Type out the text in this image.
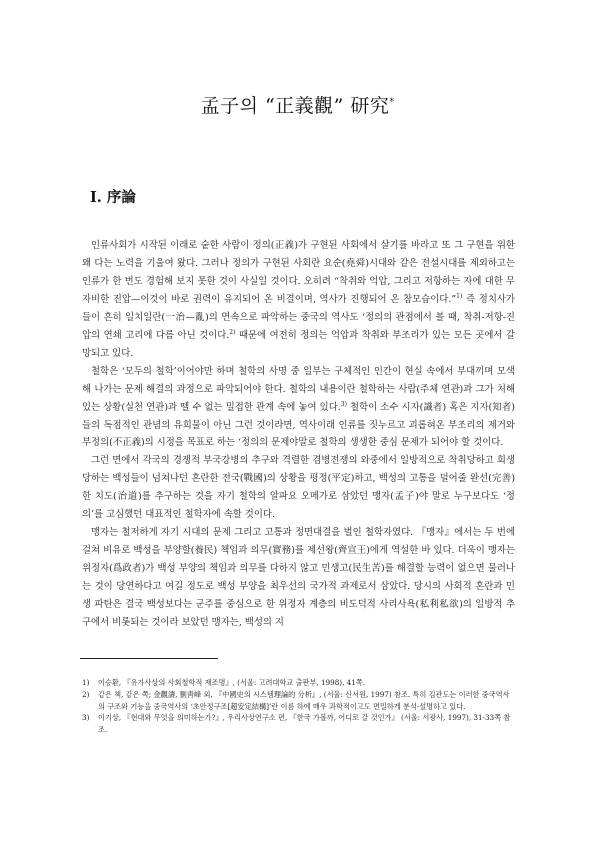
孟子의 “正義觀” 研究*
Ⅰ. 序論

인류사회가 시작된 이래로 숱한 사람이 정의(正義)가 구현된 사회에서 살기를 바라고 또 그 구현을 위한 왜 다는 노력을 기울여 왔다. 그러나 정의가 구현된 사회란 요순(堯舜)시대와 같은 전설시대를 제외하고는 인류가 한 번도 경험해 보지 못한 것이 사실일 것이다. 오히려 “착취와 억압, 그리고 저항하는 자에 대한 무자비한 진압—이것이 바로 권력이 유지되어 온 비결이며, 역사가 진행되어 온 참모습이다.”$^{1)}$ 즉 정치사가들이 흔히 일치일란(一治—亂)의 연속으로 파악하는 중국의 역사도 ‘정의의 관점에서 볼 때, 착취-저항-진압의 연쇄 고리에 다름 아닌 것이다.$^{2)}$ 때문에 여전히 정의는 억압과 착취와 부조리가 있는 모든 곳에서 갈망되고 있다.

철학은 ‘모두의 철학’이어야만 하며 철학의 사명 중 일부는 구체적인 인간이 현실 속에서 부대끼며 모색해 나가는 문제 해결의 과정으로 파악되어야 한다. 철학의 내용이란 철학하는 사람(주체 연관)과 그가 처해 있는 상황(실천 연관)과 뗄 수 없는 밀접한 관계 속에 놓여 있다.$^{3)}$ 철학이 소수 시자(識者) 혹은 지자(知者)들의 독점적인 관념의 유희물이 아닌 그런 것이라면, 역사이래 인류를 짓누르고 괴롭혀온 부조리의 제거와 부정의(不正義)의 시정을 목표로 하는 ‘정의의 문제야말로 철학의 생생한 중심 문제가 되어야 할 것이다.

그런 면에서 각국의 경쟁적 부국강병의 추구와 격렬한 겸병전쟁의 와중에서 일방적으로 착취당하고 희생당하는 백성들이 넘쳐나던 혼란한 전국(戰國)의 상황을 평정(平定)하고, 백성의 고통을 덜어줄 완선(完善)한 치도(治道)를 추구하는 것을 자기 철학의 알파요 오메가로 삼았던 맹자(孟子)야 말로 누구보다도 ‘정의’를 고심했던 대표적인 철학자에 속할 것이다.

맹자는 철저하게 자기 시대의 문제 그리고 고통과 정면대결을 벌인 철학자였다. 『맹자』에서는 두 번에 걸쳐 비유로 백성을 부양할(養民) 책임과 의무(實務)를 제선왕(齊宣王)에게 역설한 바 있다. 더욱이 맹자는 위정자(爲政者)가 백성 부양의 책임과 의무를 다하지 않고 민생고(民生苦)를 해결할 능력이 없으면 물러나는 것이 당연하다고 여길 정도로 백성 부양을 최우선의 국가적 과제로서 삼았다. 당시의 사회적 혼란과 민생 파탄은 결국 백성보다는 군주를 중심으로 한 위정자 계층의 비도덕적 사리사욕(私利私欲)의 일방적 추구에서 비롯되는 것이라 보았던 맹자는, 백성의 지

1)	이승환, 『유가사상의 사회철학적 재조명』, (서울: 고려대학교 출판부, 1998), 41쪽.
2)	같은 책, 같은 쪽; 金觀濤, 劉靑峰 외, 『中國史의 시스템理論的 分析』, (서울: 신서원, 1997) 참조. 특히 김관도는 이러한 중국역사의 구조와 기능을 중국역사의 ‘초안정구조[超安定結構]’란 이름 하에 매우 과학적이고도 면밀하게 분석·설명하고 있다.
3)	이기상, 『현대와 무엇을 의미하는가?』, 우리사상연구소 편, 『한국 가볼까, 어디로 갈 것인가』 (서울: 서광사, 1997), 31-33쪽 참조.
